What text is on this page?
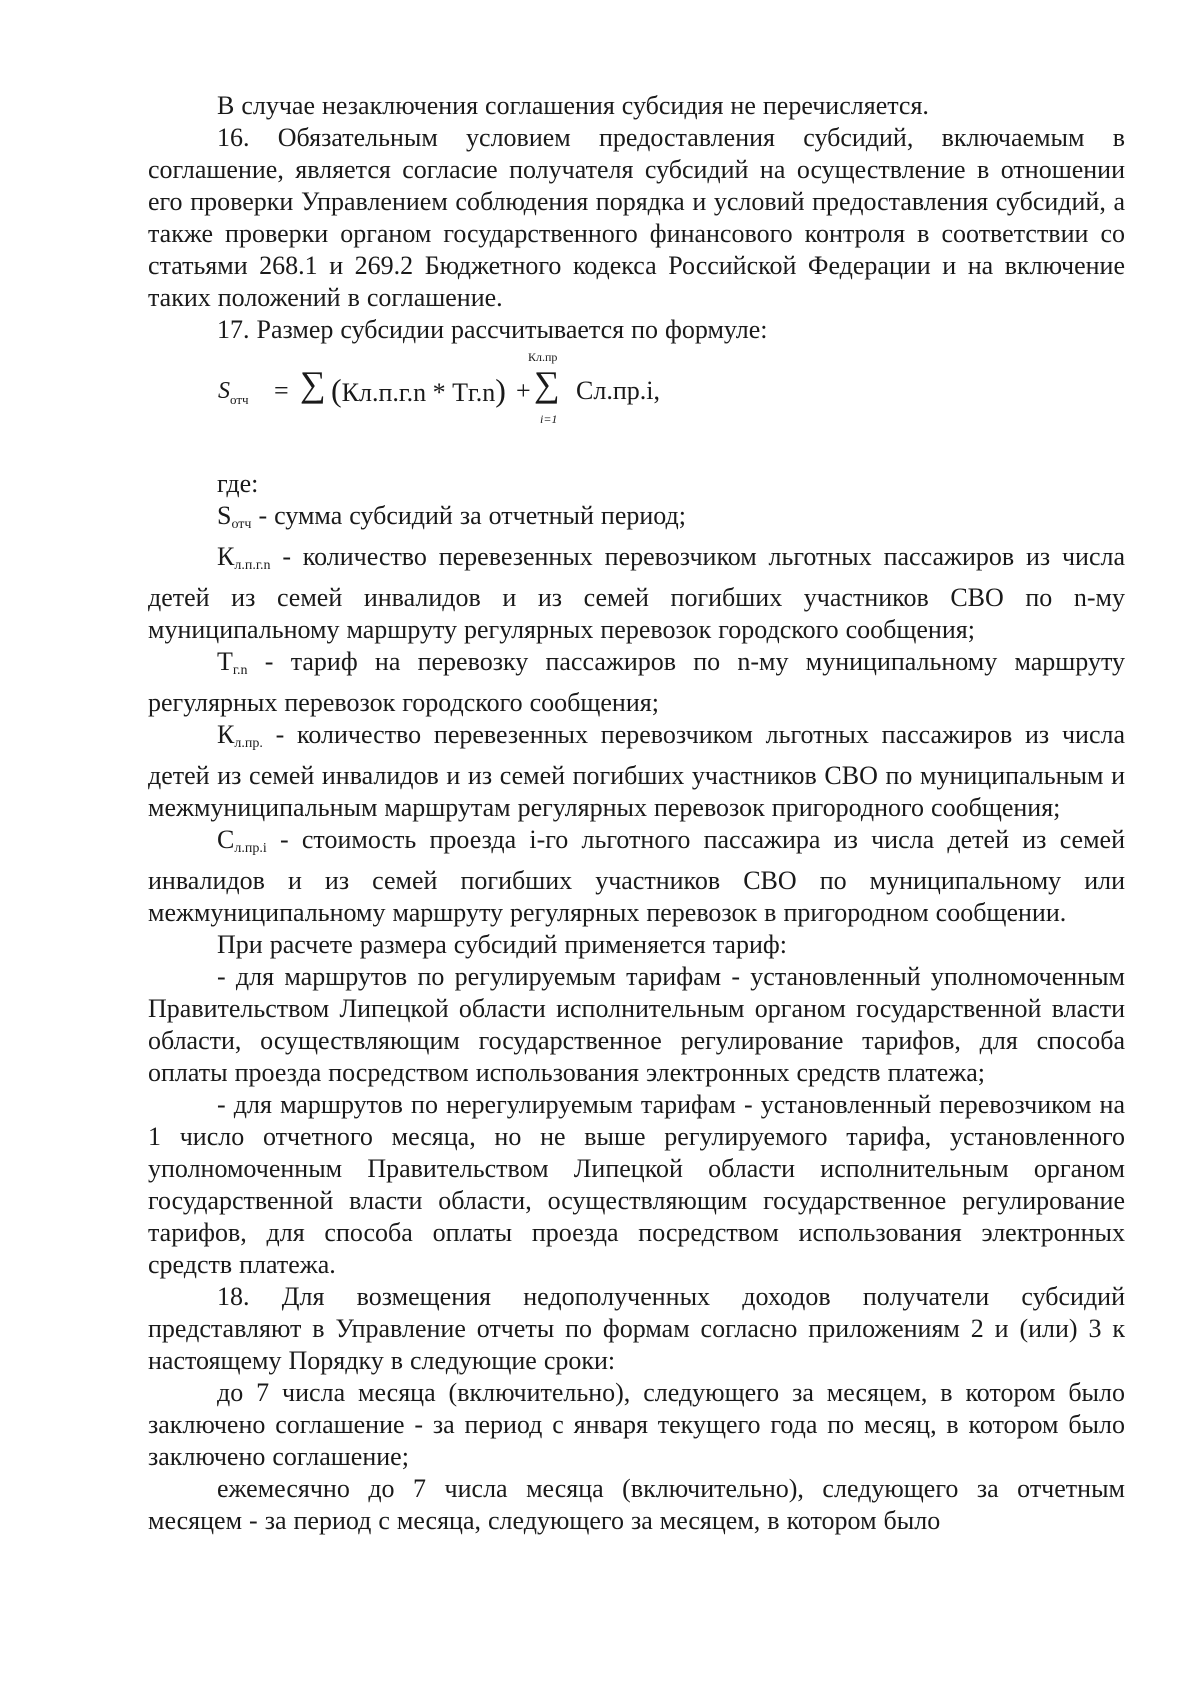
В случае незаключения соглашения субсидия не перечисляется.

16. Обязательным условием предоставления субсидий, включаемым в соглашение, является согласие получателя субсидий на осуществление в отношении его проверки Управлением соблюдения порядка и условий предоставления субсидий, а также проверки органом государственного финансового контроля в соответствии со статьями 268.1 и 269.2 Бюджетного кодекса Российской Федерации и на включение таких положений в соглашение.

17. Размер субсидии рассчитывается по формуле:

$S_{отч}$ = ∑ (Кл.п.г.n * Тг.n) +
Кл.пр
∑
i=1
Сл.пр.i,

где:

$S_{отч}$ - сумма субсидий за отчетный период;

$К_{л.п.г.n}$ - количество перевезенных перевозчиком льготных пассажиров из числа детей из семей инвалидов и из семей погибших участников СВО по n-му муниципальному маршруту регулярных перевозок городского сообщения;

$Т_{г.n}$ - тариф на перевозку пассажиров по n-му муниципальному маршруту регулярных перевозок городского сообщения;

$К_{л.пр.}$ - количество перевезенных перевозчиком льготных пассажиров из числа детей из семей инвалидов и из семей погибших участников СВО по муниципальным и межмуниципальным маршрутам регулярных перевозок пригородного сообщения;

$С_{л.пр.i}$ - стоимость проезда i-го льготного пассажира из числа детей из семей инвалидов и из семей погибших участников СВО по муниципальному или межмуниципальному маршруту регулярных перевозок в пригородном сообщении.

При расчете размера субсидий применяется тариф:

- для маршрутов по регулируемым тарифам - установленный уполномоченным Правительством Липецкой области исполнительным органом государственной власти области, осуществляющим государственное регулирование тарифов, для способа оплаты проезда посредством использования электронных средств платежа;

- для маршрутов по нерегулируемым тарифам - установленный перевозчиком на 1 число отчетного месяца, но не выше регулируемого тарифа, установленного уполномоченным Правительством Липецкой области исполнительным органом государственной власти области, осуществляющим государственное регулирование тарифов, для способа оплаты проезда посредством использования электронных средств платежа.

18. Для возмещения недополученных доходов получатели субсидий представляют в Управление отчеты по формам согласно приложениям 2 и (или) 3 к настоящему Порядку в следующие сроки:

до 7 числа месяца (включительно), следующего за месяцем, в котором было заключено соглашение - за период с января текущего года по месяц, в котором было заключено соглашение;

ежемесячно до 7 числа месяца (включительно), следующего за отчетным месяцем - за период с месяца, следующего за месяцем, в котором было
